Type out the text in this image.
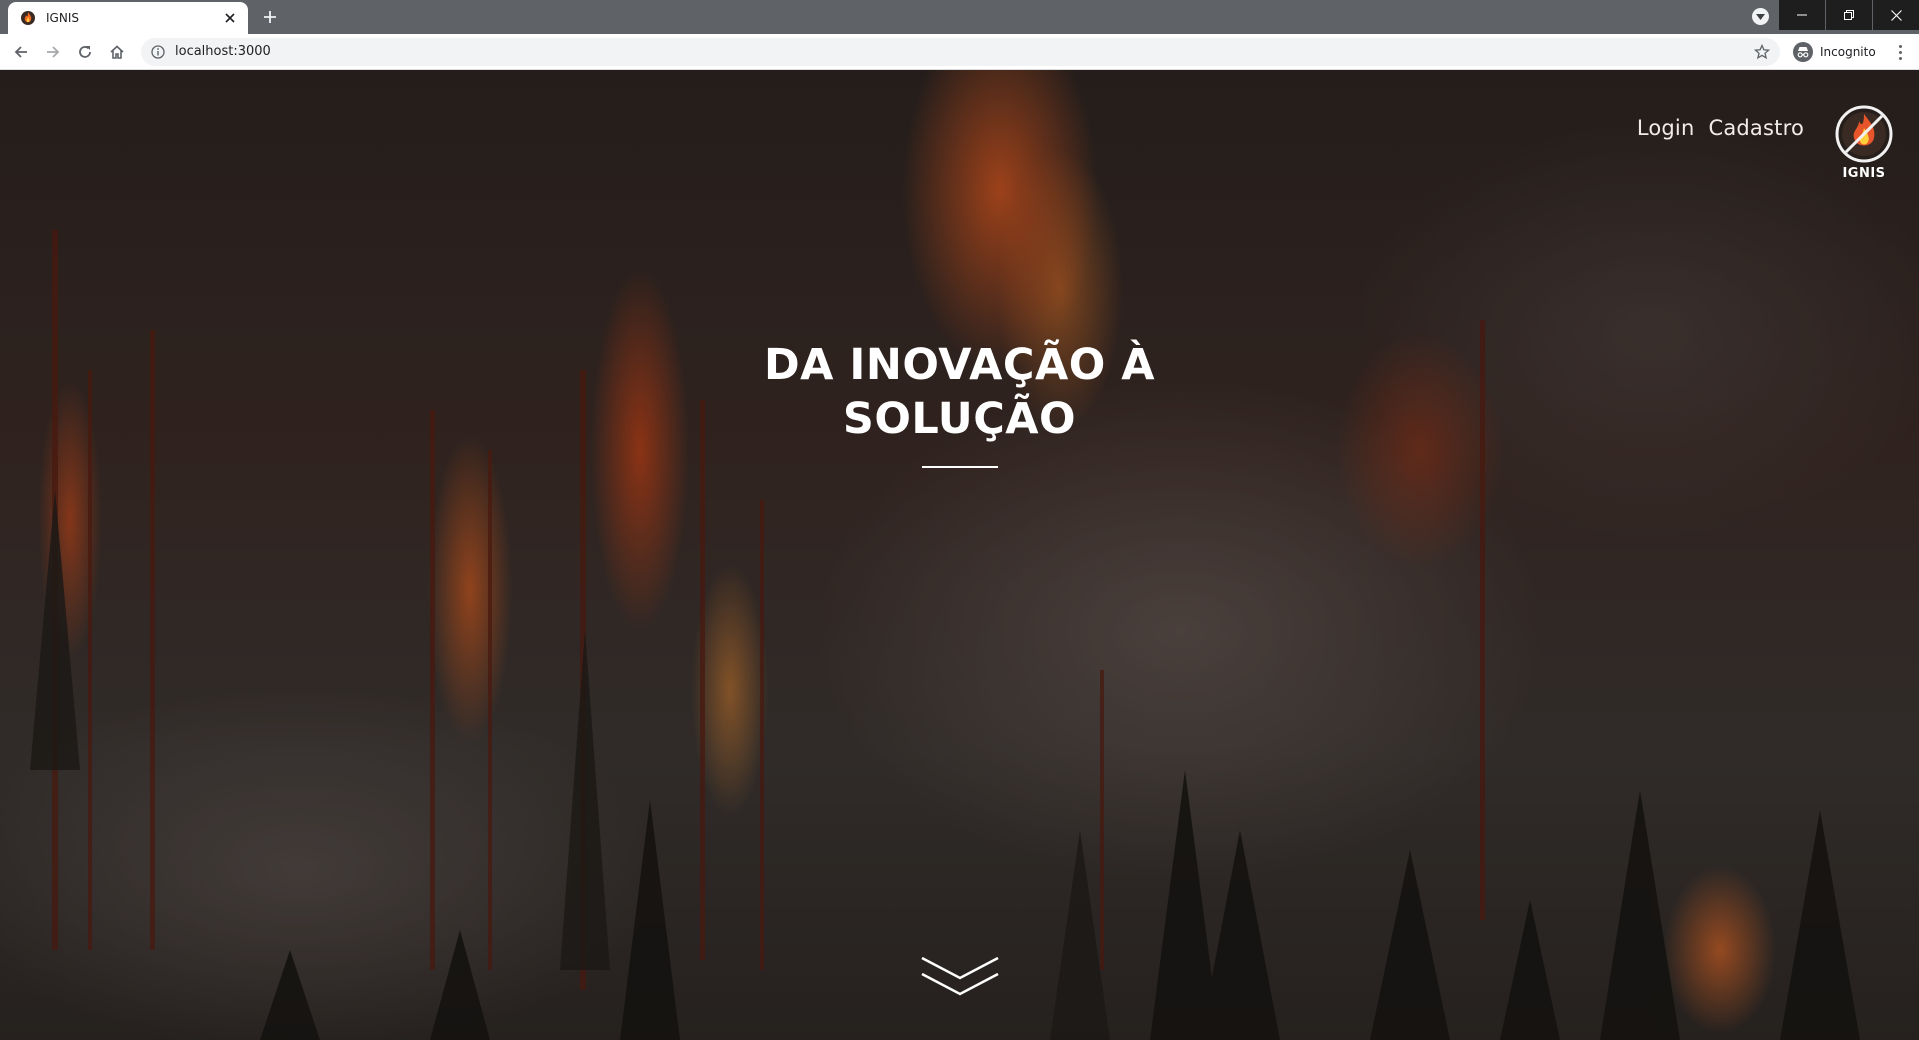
IGNIS
localhost:3000	Incognito
Login Cadastro
IGNIS
DA INOVAÇÃO À
SOLUÇÃO
